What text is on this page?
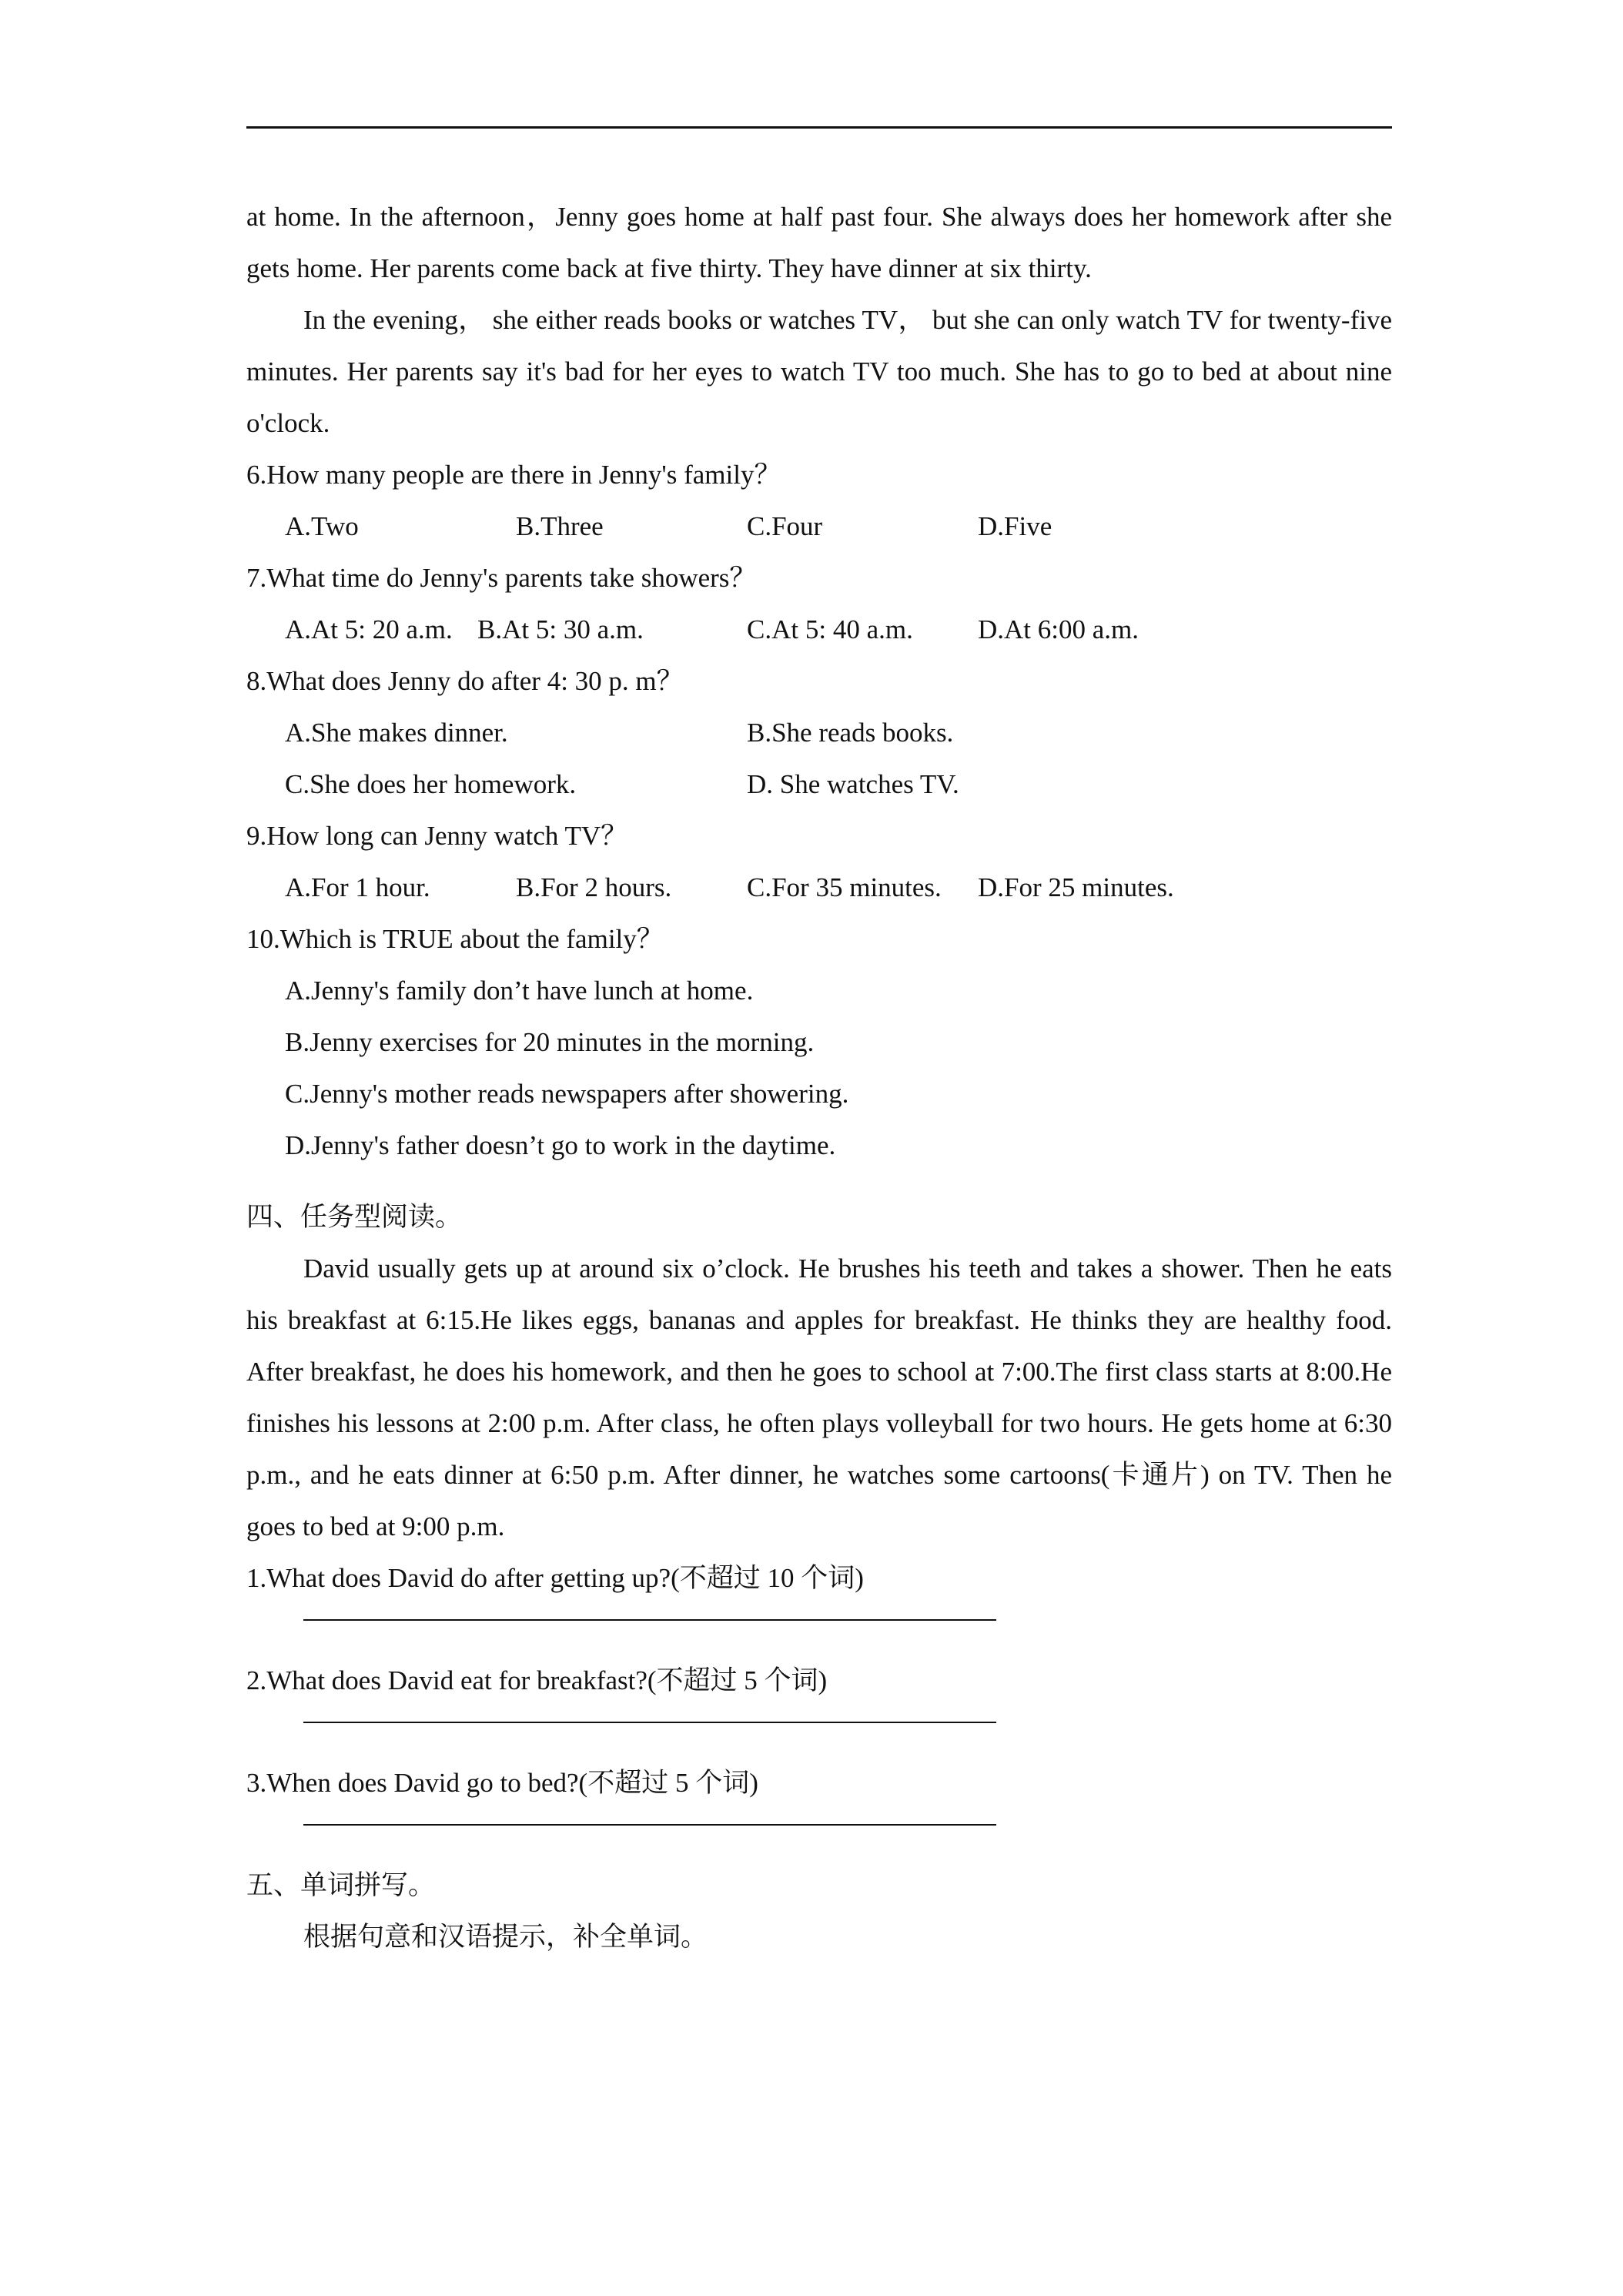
at home. In the afternoon，Jenny goes home at half past four. She always does her homework after she gets home. Her parents come back at five thirty. They have dinner at six thirty.

In the evening， she either reads books or watches TV， but she can only watch TV for twenty-five minutes. Her parents say it's bad for her eyes to watch TV too much. She has to go to bed at about nine o'clock.

6.How many people are there in Jenny's family？

A.Two	B.Three	C.Four	D.Five

7.What time do Jenny's parents take showers？

A.At 5: 20 a.m. B.At 5: 30 a.m.	C.At 5: 40 a.m.	D.At 6:00 a.m.

8.What does Jenny do after 4: 30 p. m？

A.She makes dinner.	B.She reads books.
C.She does her homework.	D. She watches TV.

9.How long can Jenny watch TV？

A.For 1 hour.	B.For 2 hours.	C.For 35 minutes.	D.For 25 minutes.

10.Which is TRUE about the family？

A.Jenny's family don’t have lunch at home.

B.Jenny exercises for 20 minutes in the morning.

C.Jenny's mother reads newspapers after showering.

D.Jenny's father doesn’t go to work in the daytime.

四、任务型阅读。

David usually gets up at around six o’clock. He brushes his teeth and takes a shower. Then he eats his breakfast at 6:15.He likes eggs, bananas and apples for breakfast. He thinks they are healthy food. After breakfast, he does his homework, and then he goes to school at 7:00.The first class starts at 8:00.He finishes his lessons at 2:00 p.m. After class, he often plays volleyball for two hours. He gets home at 6:30 p.m., and he eats dinner at 6:50 p.m. After dinner, he watches some cartoons(卡通片) on TV. Then he goes to bed at 9:00 p.m.

1.What does David do after getting up?(不超过 10 个词)

2.What does David eat for breakfast?(不超过 5 个词)

3.When does David go to bed?(不超过 5 个词)

五、单词拼写。

根据句意和汉语提示，补全单词。
